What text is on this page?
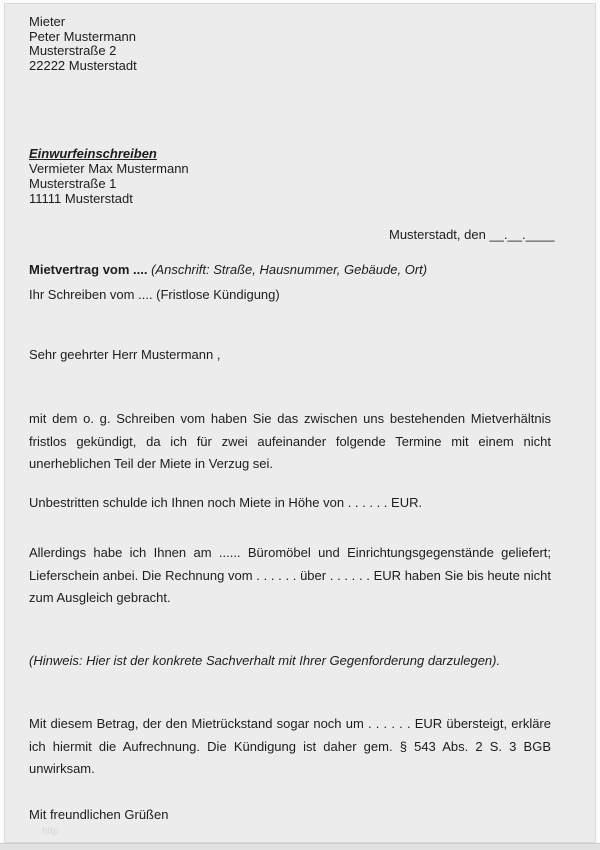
Mieter
Peter Mustermann
Musterstraße 2
22222 Musterstadt
Einwurfeinschreiben
Vermieter Max Mustermann
Musterstraße 1
11111 Musterstadt
Musterstadt, den __.__.____
Mietvertrag vom .... (Anschrift: Straße, Hausnummer, Gebäude, Ort)
Ihr Schreiben vom .... (Fristlose Kündigung)
Sehr geehrter Herr Mustermann ,
mit dem o. g. Schreiben vom haben Sie das zwischen uns bestehenden Mietverhältnis fristlos gekündigt, da ich für zwei aufeinander folgende Termine mit einem nicht unerheblichen Teil der Miete in Verzug sei.
Unbestritten schulde ich Ihnen noch Miete in Höhe von . . . . . . EUR.
Allerdings habe ich Ihnen am ...... Büromöbel und Einrichtungsgegenstände geliefert; Lieferschein anbei. Die Rechnung vom . . . . . . über . . . . . . EUR haben Sie bis heute nicht zum Ausgleich gebracht.
(Hinweis: Hier ist der konkrete Sachverhalt mit Ihrer Gegenforderung darzulegen).
Mit diesem Betrag, der den Mietrückstand sogar noch um . . . . . . EUR übersteigt, erkläre ich hiermit die Aufrechnung. Die Kündigung ist daher gem. § 543 Abs. 2 S. 3 BGB unwirksam.
Mit freundlichen Grüßen
http
